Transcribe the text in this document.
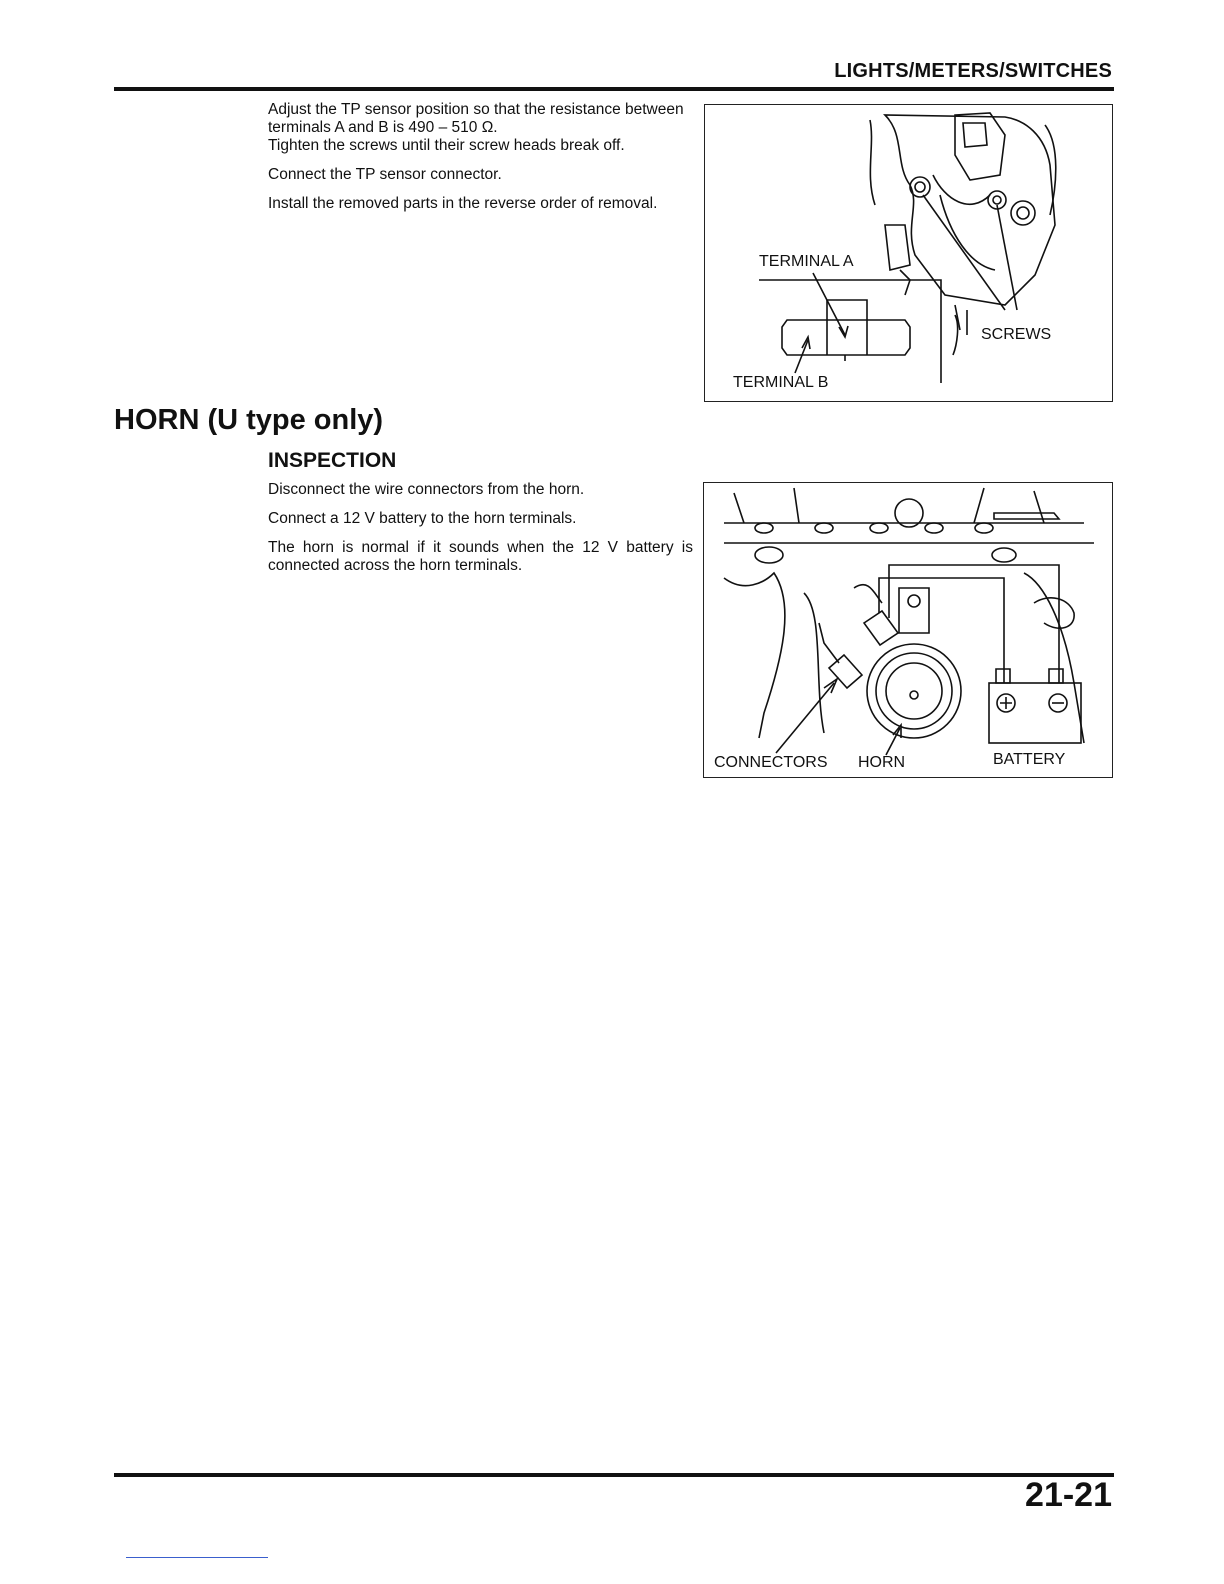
LIGHTS/METERS/SWITCHES

Adjust the TP sensor position so that the resistance between terminals A and B is 490 – 510 Ω.

Tighten the screws until their screw heads break off.

Connect the TP sensor connector.

Install the removed parts in the reverse order of removal.

TERMINAL A
TERMINAL B
SCREWS
HORN (U type only)
INSPECTION

Disconnect the wire connectors from the horn.

Connect a 12 V battery to the horn terminals.

The horn is normal if it sounds when the 12 V battery is connected across the horn terminals.

CONNECTORS HORN	BATTERY
21-21
